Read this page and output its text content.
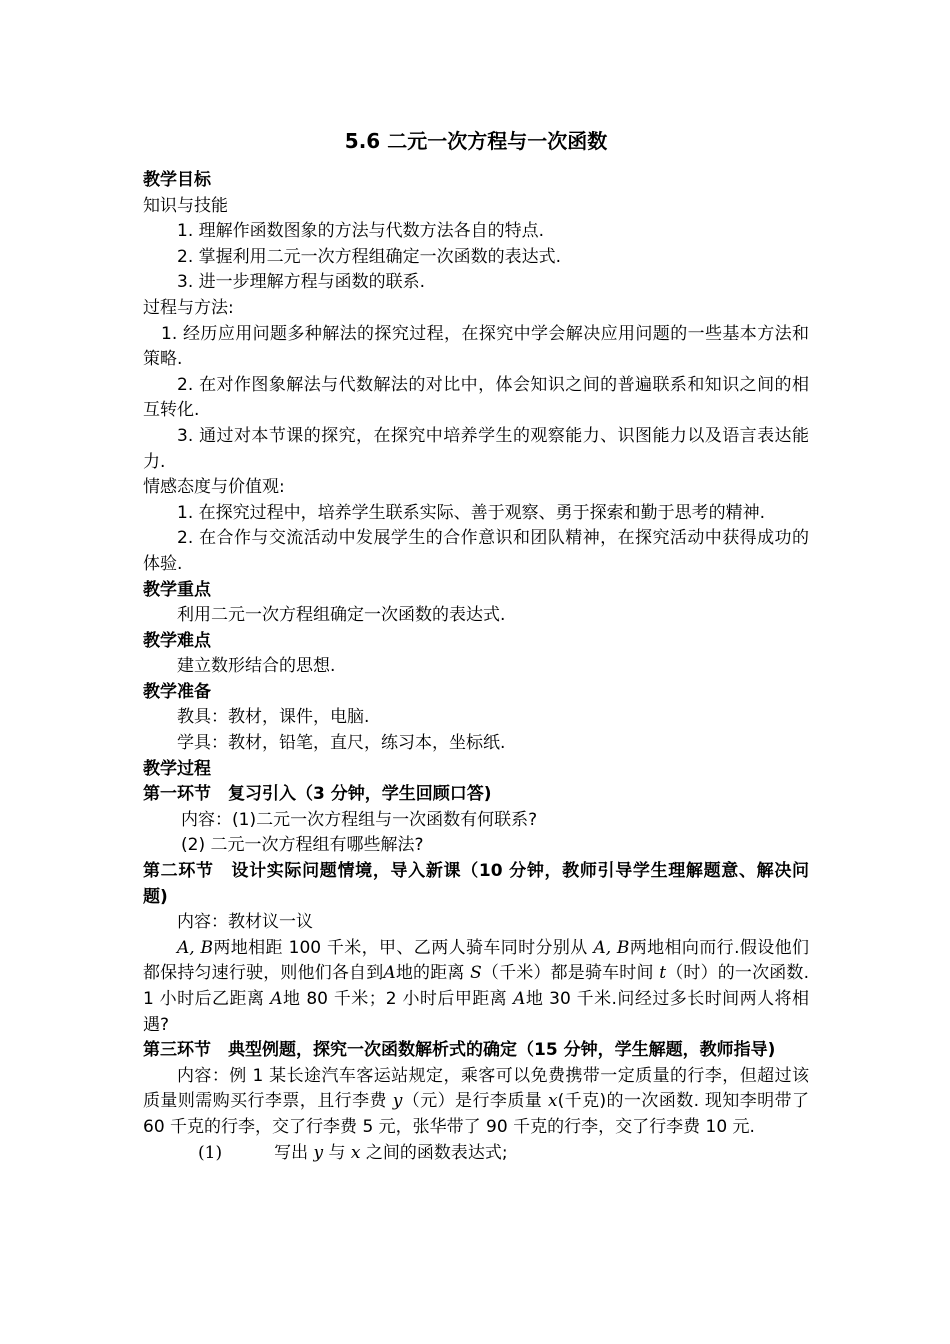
5.6 二元一次方程与一次函数

教学目标

知识与技能

1. 理解作函数图象的方法与代数方法各自的特点.

2. 掌握利用二元一次方程组确定一次函数的表达式.

3. 进一步理解方程与函数的联系.

过程与方法:

1. 经历应用问题多种解法的探究过程，在探究中学会解决应用问题的一些基本方法和策略.

2. 在对作图象解法与代数解法的对比中，体会知识之间的普遍联系和知识之间的相互转化.

3. 通过对本节课的探究，在探究中培养学生的观察能力、识图能力以及语言表达能力.

情感态度与价值观:

1. 在探究过程中，培养学生联系实际、善于观察、勇于探索和勤于思考的精神.

2. 在合作与交流活动中发展学生的合作意识和团队精神，在探究活动中获得成功的体验.

教学重点

利用二元一次方程组确定一次函数的表达式.

教学难点

建立数形结合的思想.

教学准备

教具：教材，课件，电脑.

学具：教材，铅笔，直尺，练习本，坐标纸.

教学过程

第一环节　复习引入（3 分钟，学生回顾口答)

内容：(1)二元一次方程组与一次函数有何联系?

(2) 二元一次方程组有哪些解法?

第二环节　设计实际问题情境，导入新课（10 分钟，教师引导学生理解题意、解决问题)

内容：教材议一议

A, B两地相距 100 千米，甲、乙两人骑车同时分别从 A, B两地相向而行.假设他们都保持匀速行驶，则他们各自到A地的距离 S（千米）都是骑车时间 t（时）的一次函数. 1 小时后乙距离 A地 80 千米；2 小时后甲距离 A地 30 千米.问经过多长时间两人将相遇?

第三环节　典型例题，探究一次函数解析式的确定（15 分钟，学生解题，教师指导)

内容：例 1 某长途汽车客运站规定，乘客可以免费携带一定质量的行李，但超过该质量则需购买行李票，且行李费 y（元）是行李质量 x(千克)的一次函数. 现知李明带了 60 千克的行李，交了行李费 5 元，张华带了 90 千克的行李，交了行李费 10 元.

(1)	写出 y 与 x 之间的函数表达式;
